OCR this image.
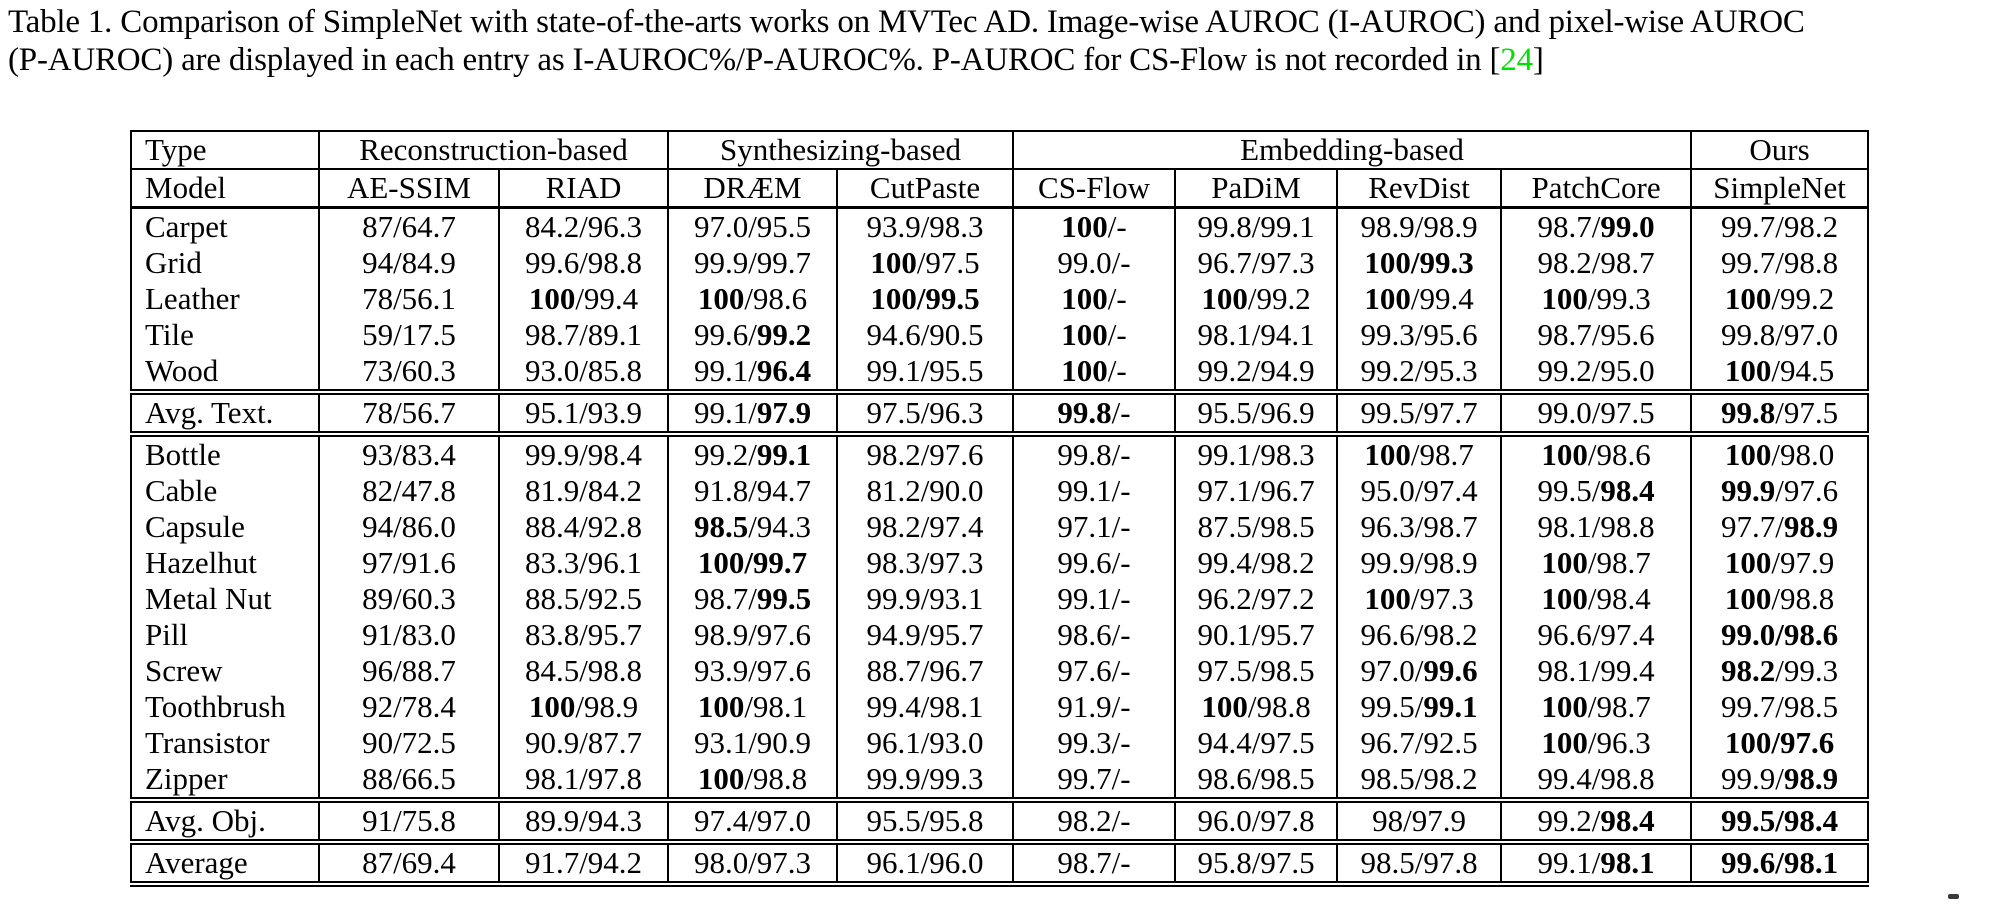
Table 1. Comparison of SimpleNet with state-of-the-arts works on MVTec AD. Image-wise AUROC (I-AUROC) and pixel-wise AUROC
(P-AUROC) are displayed in each entry as I-AUROC%/P-AUROC%. P-AUROC for CS-Flow is not recorded in [24]
Type	Reconstruction-based		Synthesizing-based		Embedding-based				Ours
Model	AE-SSIM	RIAD	DRÆM	CutPaste	CS-Flow	PaDiM	RevDist	PatchCore	SimpleNet
Carpet	87/64.7	84.2/96.3	97.0/95.5	93.9/98.3	100/-	99.8/99.1	98.9/98.9	98.7/99.0	99.7/98.2
Grid	94/84.9	99.6/98.8	99.9/99.7	100/97.5	99.0/-	96.7/97.3	100/99.3	98.2/98.7	99.7/98.8
Leather	78/56.1	100/99.4	100/98.6	100/99.5	100/-	100/99.2	100/99.4	100/99.3	100/99.2
Tile	59/17.5	98.7/89.1	99.6/99.2	94.6/90.5	100/-	98.1/94.1	99.3/95.6	98.7/95.6	99.8/97.0
Wood	73/60.3	93.0/85.8	99.1/96.4	99.1/95.5	100/-	99.2/94.9	99.2/95.3	99.2/95.0	100/94.5
Avg. Text.	78/56.7	95.1/93.9	99.1/97.9	97.5/96.3	99.8/-	95.5/96.9	99.5/97.7	99.0/97.5	99.8/97.5
Bottle	93/83.4	99.9/98.4	99.2/99.1	98.2/97.6	99.8/-	99.1/98.3	100/98.7	100/98.6	100/98.0
Cable	82/47.8	81.9/84.2	91.8/94.7	81.2/90.0	99.1/-	97.1/96.7	95.0/97.4	99.5/98.4	99.9/97.6
Capsule	94/86.0	88.4/92.8	98.5/94.3	98.2/97.4	97.1/-	87.5/98.5	96.3/98.7	98.1/98.8	97.7/98.9
Hazelhut	97/91.6	83.3/96.1	100/99.7	98.3/97.3	99.6/-	99.4/98.2	99.9/98.9	100/98.7	100/97.9
Metal Nut	89/60.3	88.5/92.5	98.7/99.5	99.9/93.1	99.1/-	96.2/97.2	100/97.3	100/98.4	100/98.8
Pill	91/83.0	83.8/95.7	98.9/97.6	94.9/95.7	98.6/-	90.1/95.7	96.6/98.2	96.6/97.4	99.0/98.6
Screw	96/88.7	84.5/98.8	93.9/97.6	88.7/96.7	97.6/-	97.5/98.5	97.0/99.6	98.1/99.4	98.2/99.3
Toothbrush	92/78.4	100/98.9	100/98.1	99.4/98.1	91.9/-	100/98.8	99.5/99.1	100/98.7	99.7/98.5
Transistor	90/72.5	90.9/87.7	93.1/90.9	96.1/93.0	99.3/-	94.4/97.5	96.7/92.5	100/96.3	100/97.6
Zipper	88/66.5	98.1/97.8	100/98.8	99.9/99.3	99.7/-	98.6/98.5	98.5/98.2	99.4/98.8	99.9/98.9
Avg. Obj.	91/75.8	89.9/94.3	97.4/97.0	95.5/95.8	98.2/-	96.0/97.8	98/97.9	99.2/98.4	99.5/98.4
Average	87/69.4	91.7/94.2	98.0/97.3	96.1/96.0	98.7/-	95.8/97.5	98.5/97.8	99.1/98.1	99.6/98.1
